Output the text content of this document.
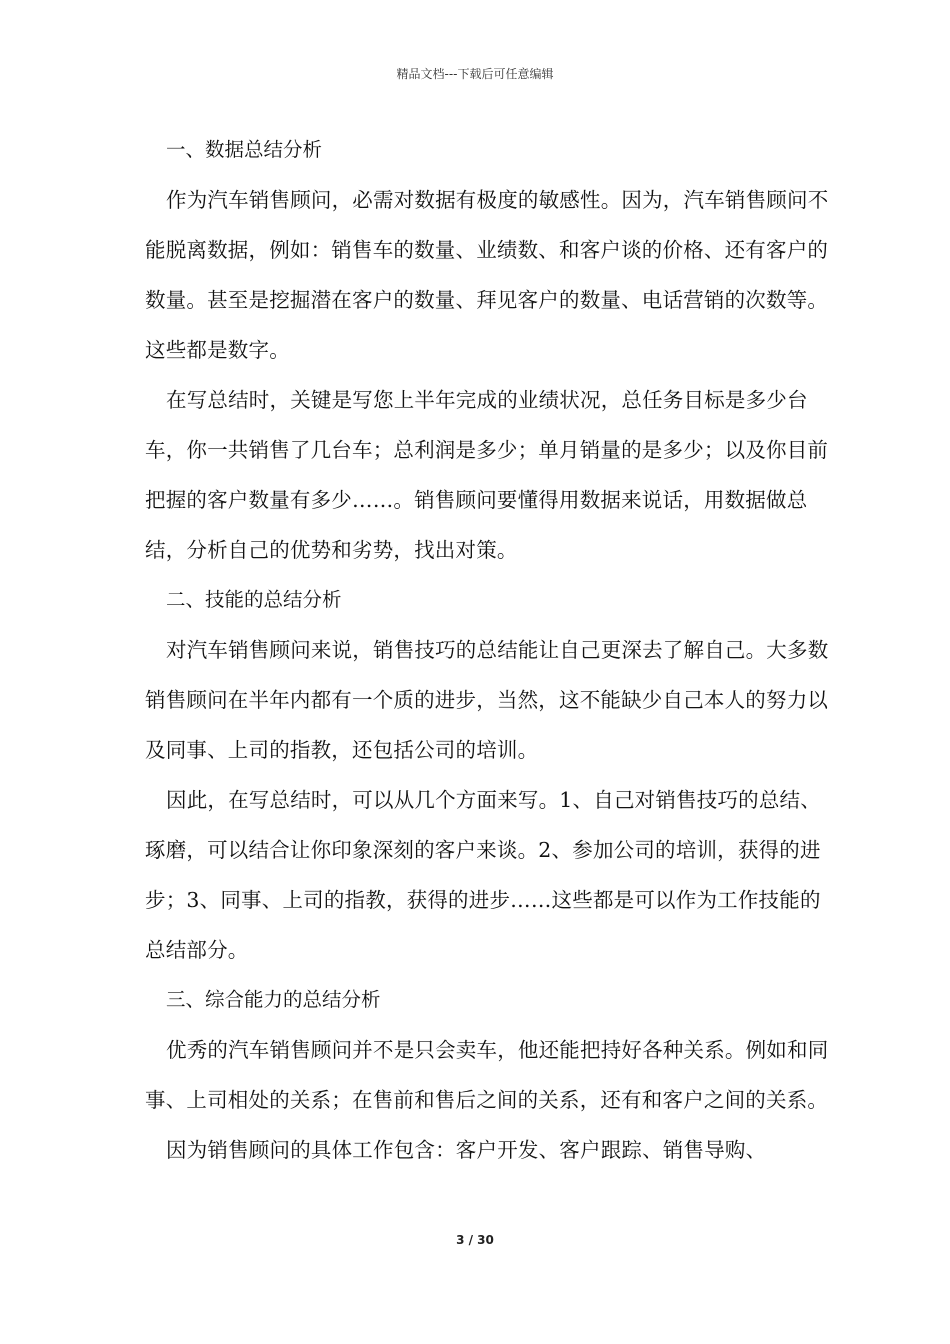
精品文档---下载后可任意编辑

一、数据总结分析

作为汽车销售顾问，必需对数据有极度的敏感性。因为，汽车销售顾问不能脱离数据，例如：销售车的数量、业绩数、和客户谈的价格、还有客户的数量。甚至是挖掘潜在客户的数量、拜见客户的数量、电话营销的次数等。这些都是数字。

在写总结时，关键是写您上半年完成的业绩状况，总任务目标是多少台车，你一共销售了几台车；总利润是多少；单月销量的是多少；以及你目前把握的客户数量有多少……。销售顾问要懂得用数据来说话，用数据做总结，分析自己的优势和劣势，找出对策。

二、技能的总结分析

对汽车销售顾问来说，销售技巧的总结能让自己更深去了解自己。大多数销售顾问在半年内都有一个质的进步，当然，这不能缺少自己本人的努力以及同事、上司的指教，还包括公司的培训。

因此，在写总结时，可以从几个方面来写。1、自己对销售技巧的总结、琢磨，可以结合让你印象深刻的客户来谈。2、参加公司的培训，获得的进步；3、同事、上司的指教，获得的进步……这些都是可以作为工作技能的总结部分。

三、综合能力的总结分析

优秀的汽车销售顾问并不是只会卖车，他还能把持好各种关系。例如和同事、上司相处的关系；在售前和售后之间的关系，还有和客户之间的关系。

因为销售顾问的具体工作包含：客户开发、客户跟踪、销售导购、

3 / 30
